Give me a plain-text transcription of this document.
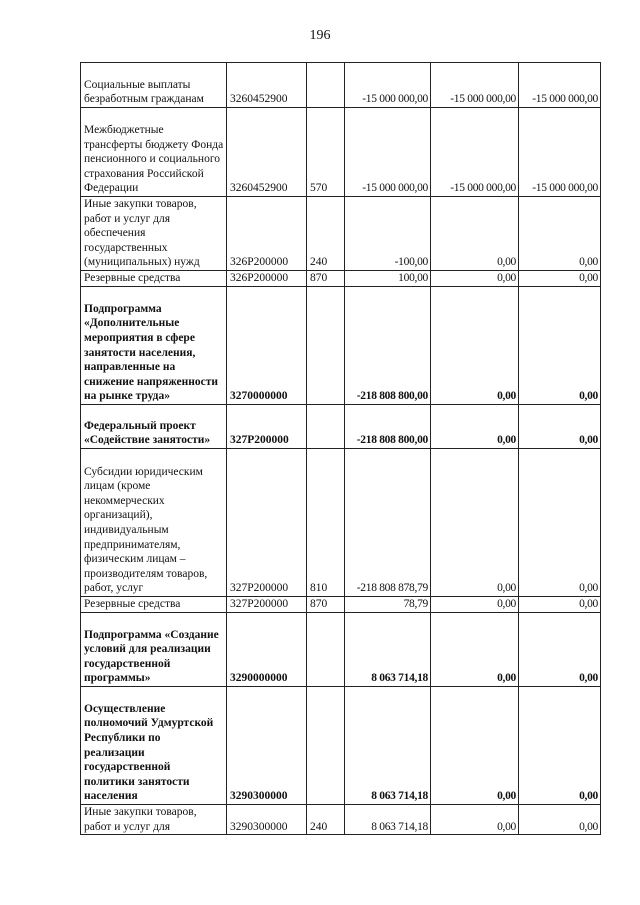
196
Социальные выплаты безработным гражданам	3260452900		-15 000 000,00	-15 000 000,00	-15 000 000,00
Межбюджетные трансферты бюджету Фонда пенсионного и социального страхования Российской Федерации	3260452900	570	-15 000 000,00	-15 000 000,00	-15 000 000,00
Иные закупки товаров, работ и услуг для обеспечения государственных (муниципальных) нужд	326Р200000	240	-100,00	0,00	0,00
Резервные средства	326Р200000	870	100,00	0,00	0,00
Подпрограмма «Дополнительные мероприятия в сфере занятости населения, направленные на снижение напряженности на рынке труда»	3270000000		-218 808 800,00	0,00	0,00
Федеральный проект «Содействие занятости»	327Р200000		-218 808 800,00	0,00	0,00
Субсидии юридическим лицам (кроме некоммерческих организаций), индивидуальным предпринимателям, физическим лицам – производителям товаров, работ, услуг	327Р200000	810	-218 808 878,79	0,00	0,00
Резервные средства	327Р200000	870	78,79	0,00	0,00
Подпрограмма «Создание условий для реализации государственной программы»	3290000000		8 063 714,18	0,00	0,00
Осуществление полномочий Удмуртской Республики по реализации государственной политики занятости населения	3290300000		8 063 714,18	0,00	0,00
Иные закупки товаров, работ и услуг для	3290300000	240	8 063 714,18	0,00	0,00
